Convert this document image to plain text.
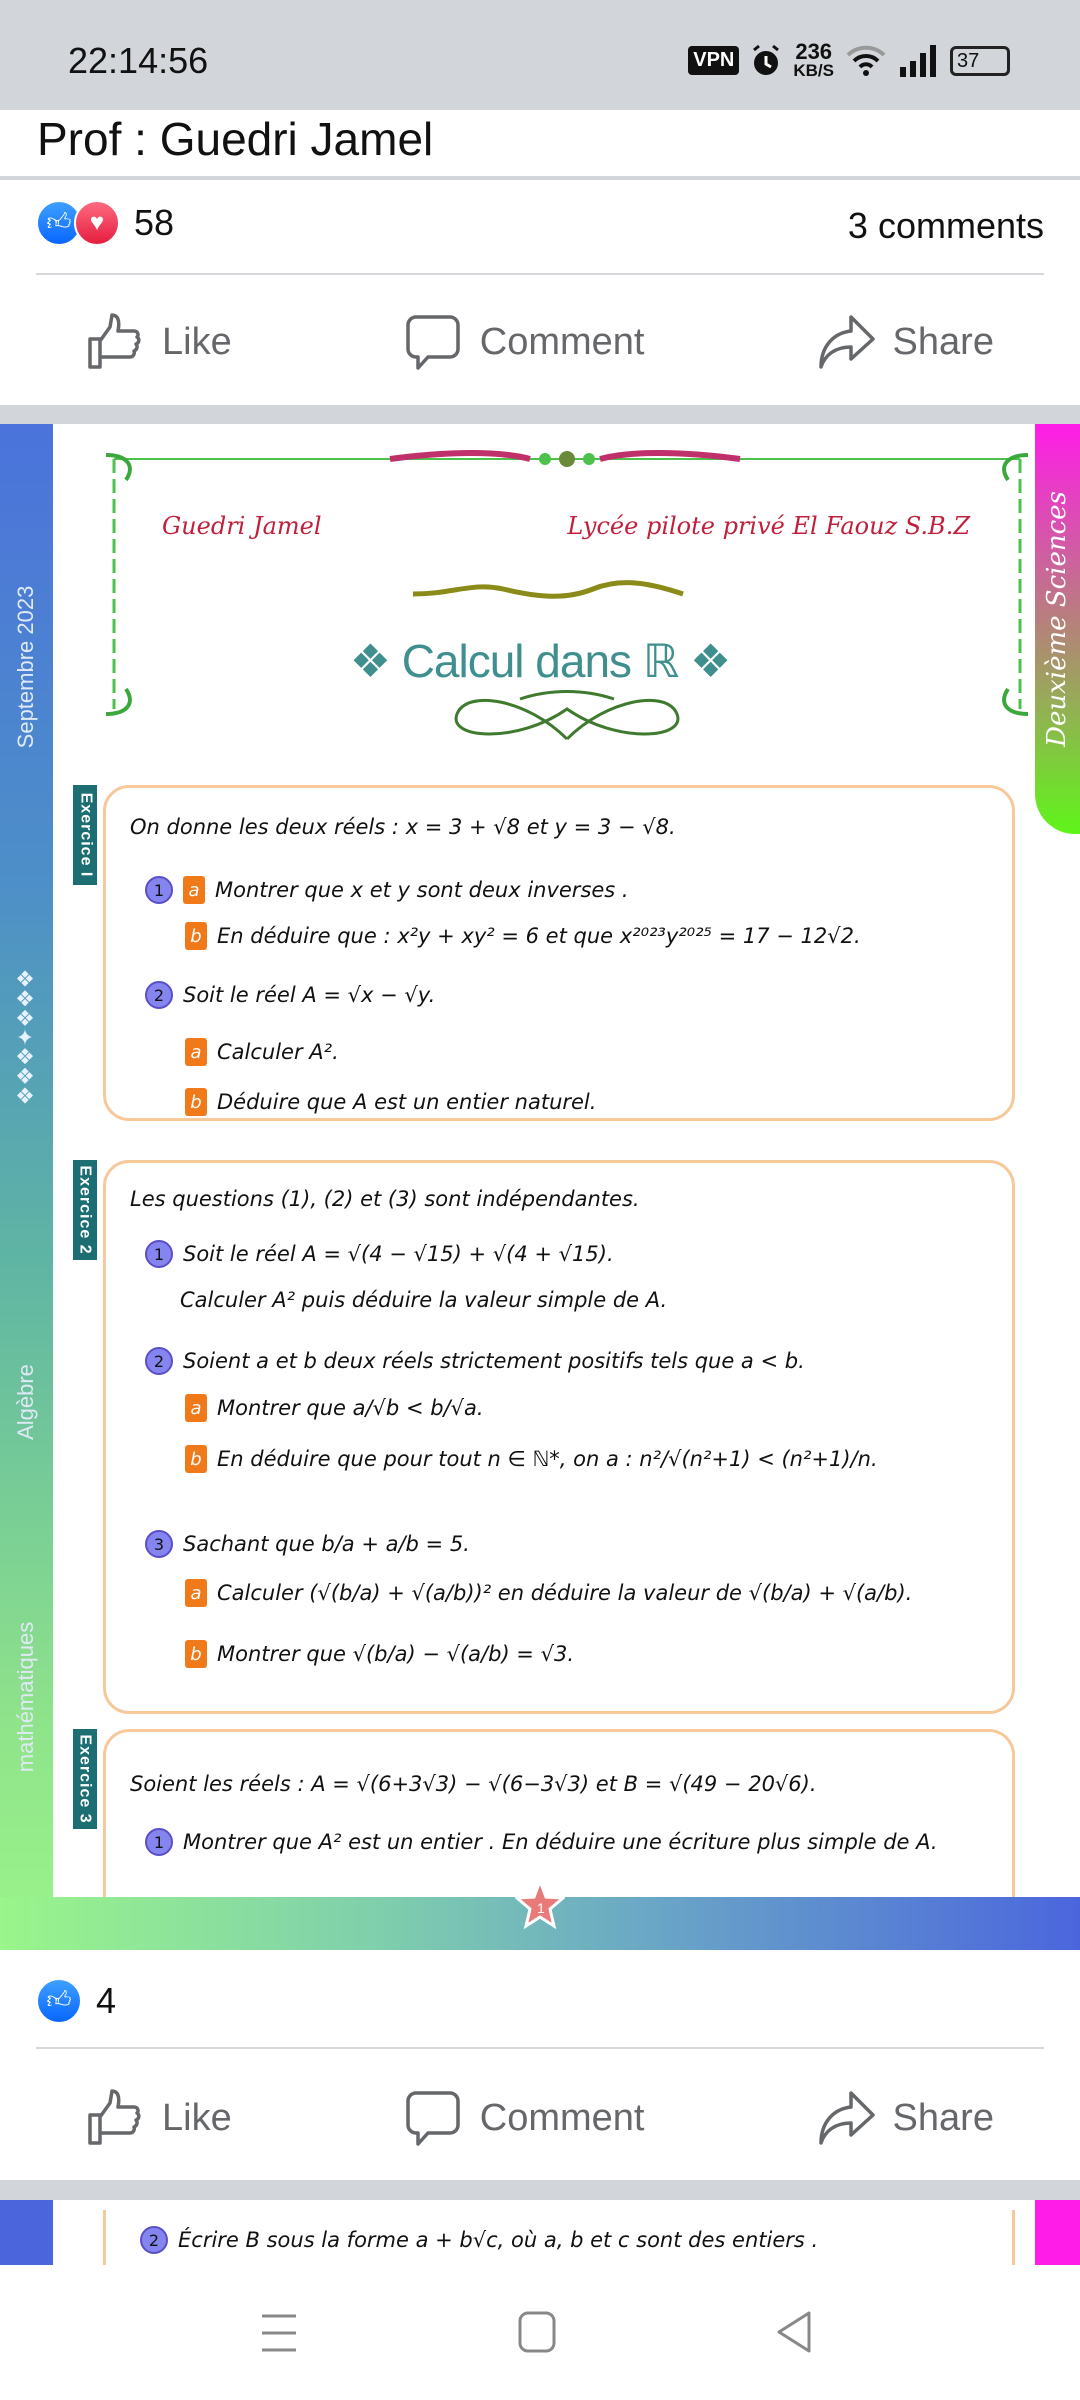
22:14:56	VPN	236
KB/S	37
Prof : Guedri Jamel
👍︎ ♥ 58	3 comments
Like	Comment	Share
Septembre 2023
❖❖❖✦❖❖❖
Algèbre
mathématiques
Deuxième Sciences
Guedri Jamel	Lycée pilote privé El Faouz S.B.Z
❖ Calcul dans ℝ ❖
Exercice I
Exercice 2
Exercice 3
On donne les deux réels : x = 3 + √8 et y = 3 − √8.
1	a Montrer que x et y sont deux inverses .
b En déduire que : x²y + xy² = 6 et que x²⁰²³y²⁰²⁵ = 17 − 12√2.
2 Soit le réel A = √x − √y.
a Calculer A².
b Déduire que A est un entier naturel.
Les questions (1), (2) et (3) sont indépendantes.
1 Soit le réel A = √(4 − √15) + √(4 + √15).
Calculer A² puis déduire la valeur simple de A.
2 Soient a et b deux réels strictement positifs tels que a < b.
a Montrer que a/√b < b/√a.
b En déduire que pour tout n ∈ ℕ*, on a : n²/√(n²+1) < (n²+1)/n.
3 Sachant que b/a + a/b = 5.
a Calculer (√(b/a) + √(a/b))² en déduire la valeur de √(b/a) + √(a/b).
b Montrer que √(b/a) − √(a/b) = √3.
Soient les réels : A = √(6+3√3) − √(6−3√3) et B = √(49 − 20√6).
1 Montrer que A² est un entier . En déduire une écriture plus simple de A.
1
👍︎ 4
Like	Comment	Share
2 Écrire B sous la forme a + b√c, où a, b et c sont des entiers .
